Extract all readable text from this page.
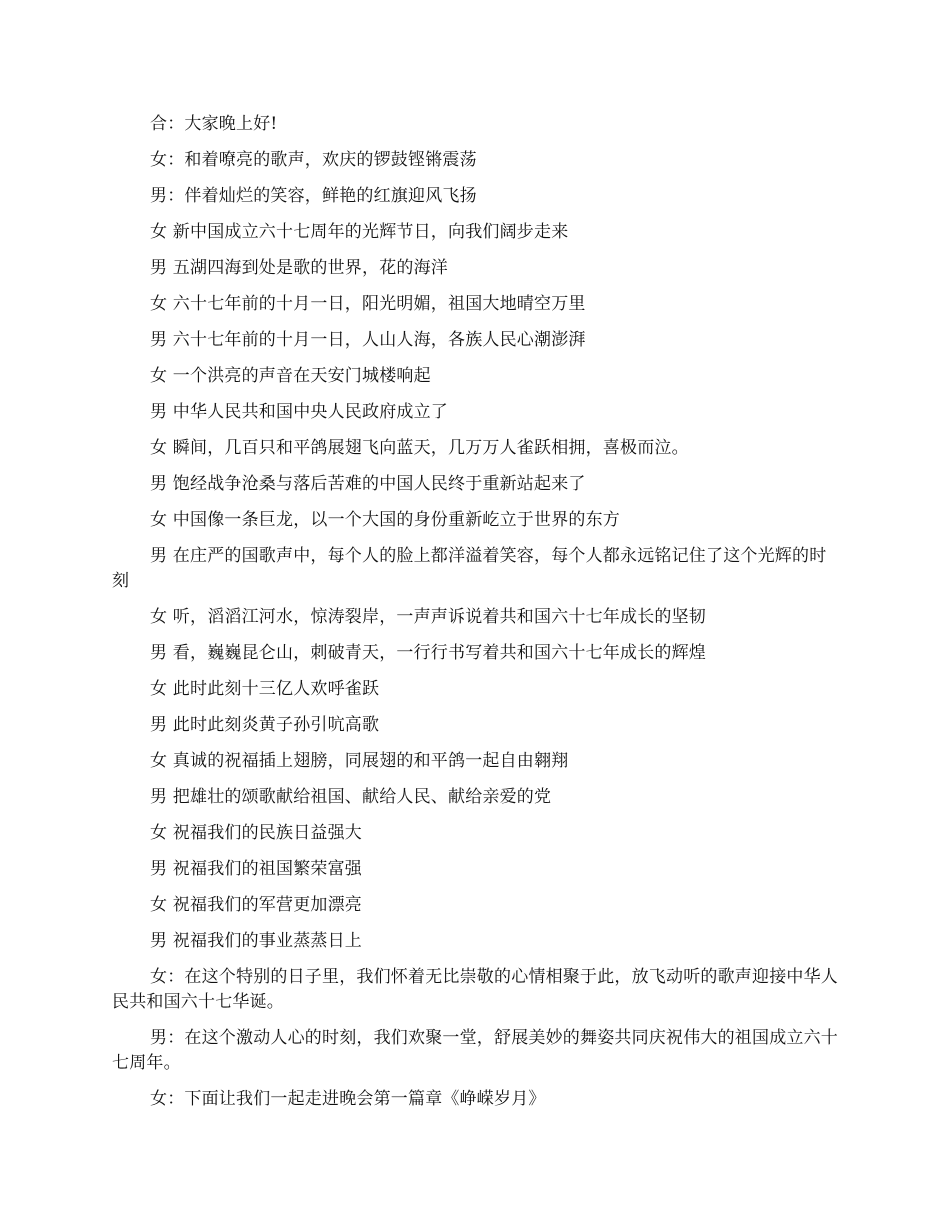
合：大家晚上好!

女：和着嘹亮的歌声，欢庆的锣鼓铿锵震荡

男：伴着灿烂的笑容，鲜艳的红旗迎风飞扬

女 新中国成立六十七周年的光辉节日，向我们阔步走来

男 五湖四海到处是歌的世界，花的海洋

女 六十七年前的十月一日，阳光明媚，祖国大地晴空万里

男 六十七年前的十月一日，人山人海，各族人民心潮澎湃

女 一个洪亮的声音在天安门城楼响起

男 中华人民共和国中央人民政府成立了

女 瞬间，几百只和平鸽展翅飞向蓝天，几万万人雀跃相拥，喜极而泣。

男 饱经战争沧桑与落后苦难的中国人民终于重新站起来了

女 中国像一条巨龙，以一个大国的身份重新屹立于世界的东方

男 在庄严的国歌声中，每个人的脸上都洋溢着笑容，每个人都永远铭记住了这个光辉的时刻

女 听，滔滔江河水，惊涛裂岸，一声声诉说着共和国六十七年成长的坚韧

男 看，巍巍昆仑山，刺破青天，一行行书写着共和国六十七年成长的辉煌

女 此时此刻十三亿人欢呼雀跃

男 此时此刻炎黄子孙引吭高歌

女 真诚的祝福插上翅膀，同展翅的和平鸽一起自由翱翔

男 把雄壮的颂歌献给祖国、献给人民、献给亲爱的党

女 祝福我们的民族日益强大

男 祝福我们的祖国繁荣富强

女 祝福我们的军营更加漂亮

男 祝福我们的事业蒸蒸日上

女：在这个特别的日子里，我们怀着无比崇敬的心情相聚于此，放飞动听的歌声迎接中华人民共和国六十七华诞。

男：在这个激动人心的时刻，我们欢聚一堂，舒展美妙的舞姿共同庆祝伟大的祖国成立六十七周年。

女：下面让我们一起走进晚会第一篇章《峥嵘岁月》
